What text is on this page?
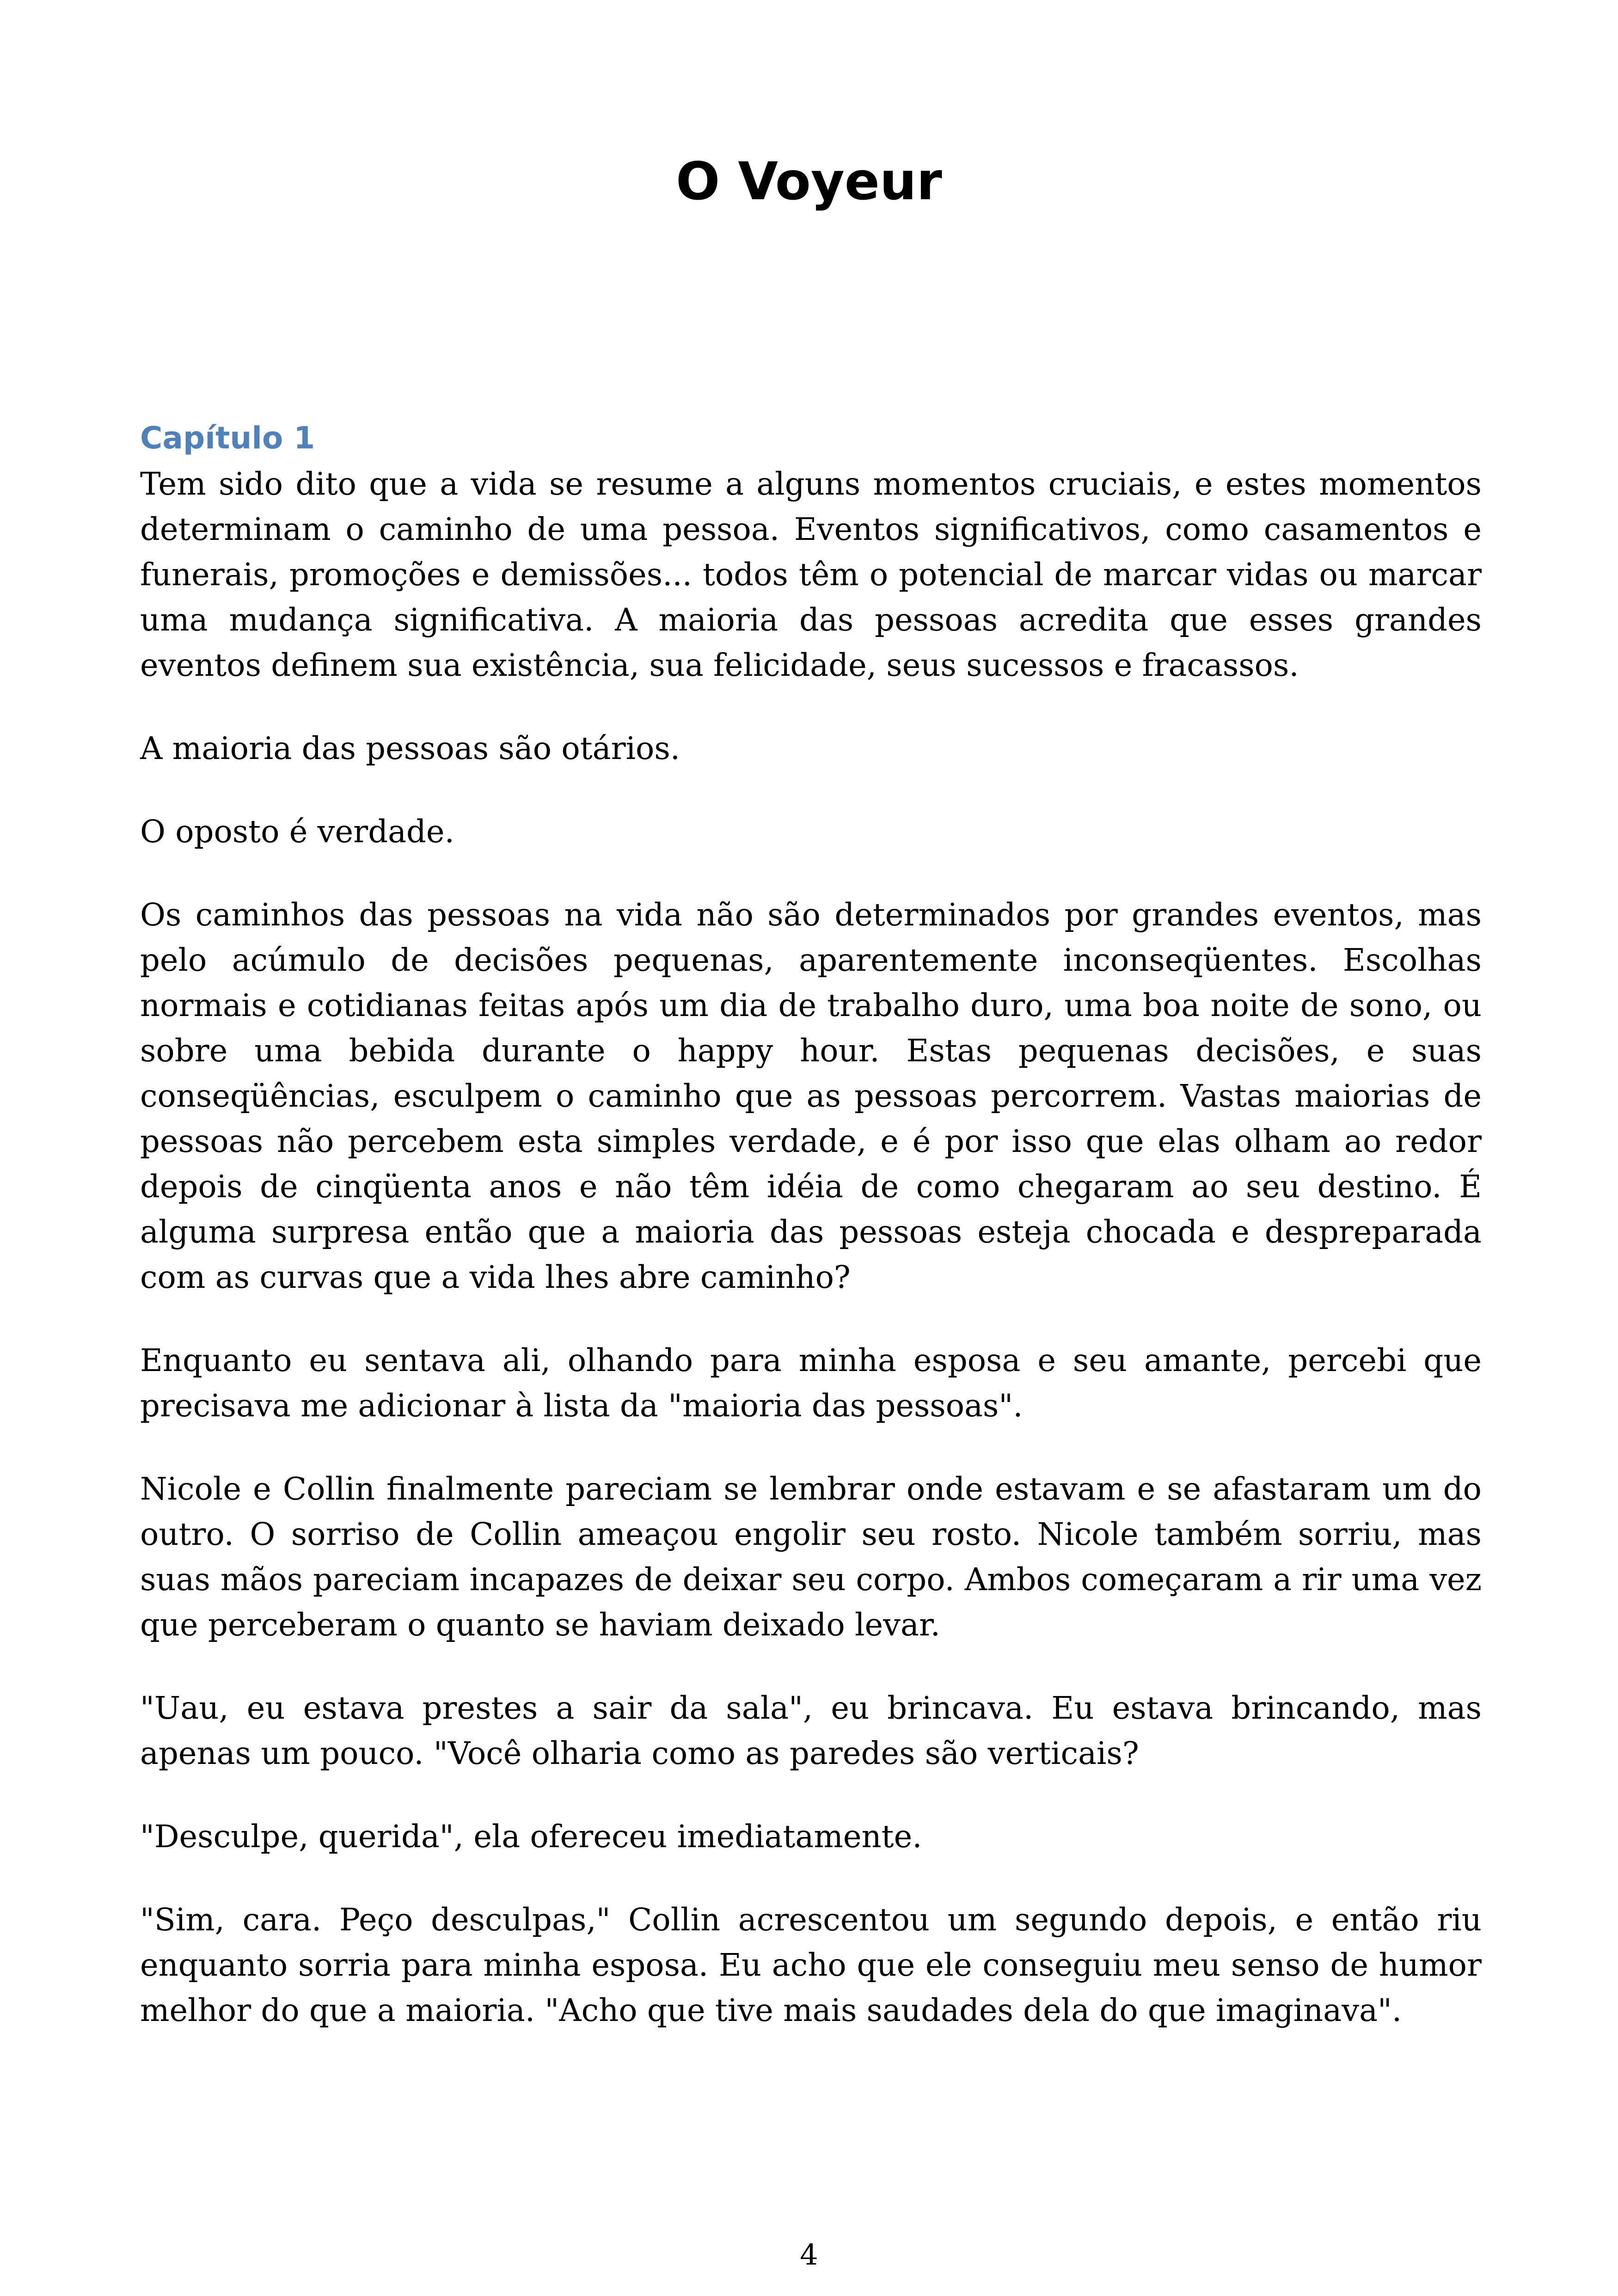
O Voyeur

Capítulo 1

Tem sido dito que a vida se resume a alguns momentos cruciais, e estes momentos determinam o caminho de uma pessoa. Eventos significativos, como casamentos e funerais, promoções e demissões... todos têm o potencial de marcar vidas ou marcar uma mudança significativa. A maioria das pessoas acredita que esses grandes eventos definem sua existência, sua felicidade, seus sucessos e fracassos.

A maioria das pessoas são otários.

O oposto é verdade.

Os caminhos das pessoas na vida não são determinados por grandes eventos, mas pelo acúmulo de decisões pequenas, aparentemente inconseqüentes. Escolhas normais e cotidianas feitas após um dia de trabalho duro, uma boa noite de sono, ou sobre uma bebida durante o happy hour. Estas pequenas decisões, e suas conseqüências, esculpem o caminho que as pessoas percorrem. Vastas maiorias de pessoas não percebem esta simples verdade, e é por isso que elas olham ao redor depois de cinqüenta anos e não têm idéia de como chegaram ao seu destino. É alguma surpresa então que a maioria das pessoas esteja chocada e despreparada com as curvas que a vida lhes abre caminho?

Enquanto eu sentava ali, olhando para minha esposa e seu amante, percebi que precisava me adicionar à lista da "maioria das pessoas".

Nicole e Collin finalmente pareciam se lembrar onde estavam e se afastaram um do outro. O sorriso de Collin ameaçou engolir seu rosto. Nicole também sorriu, mas suas mãos pareciam incapazes de deixar seu corpo. Ambos começaram a rir uma vez que perceberam o quanto se haviam deixado levar.

"Uau, eu estava prestes a sair da sala", eu brincava. Eu estava brincando, mas apenas um pouco. "Você olharia como as paredes são verticais?

"Desculpe, querida", ela ofereceu imediatamente.

"Sim, cara. Peço desculpas," Collin acrescentou um segundo depois, e então riu enquanto sorria para minha esposa. Eu acho que ele conseguiu meu senso de humor melhor do que a maioria. "Acho que tive mais saudades dela do que imaginava".

4
